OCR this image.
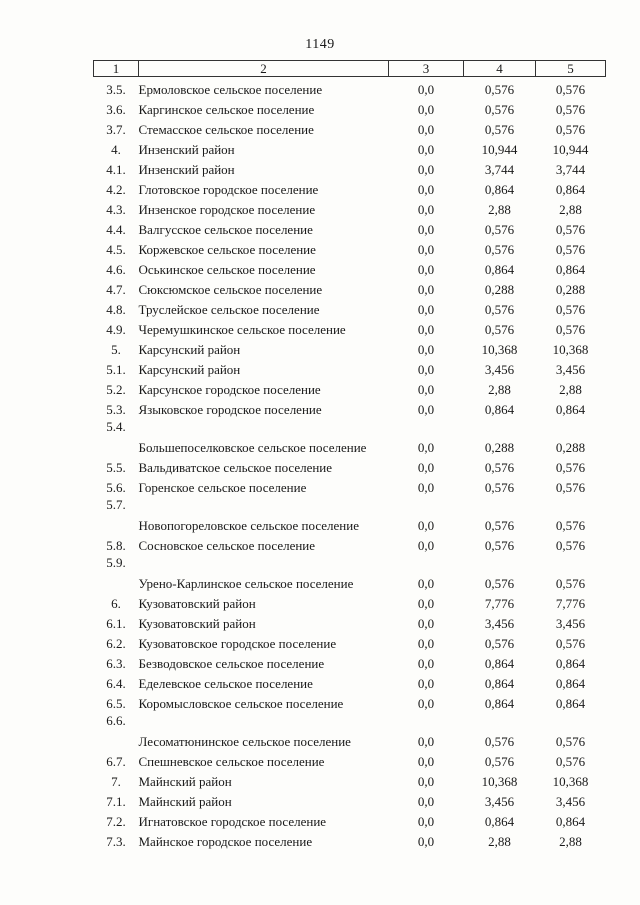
1149
1	2	3	4	5
3.5.	Ермоловское сельское поселение	0,0	0,576	0,576
3.6.	Каргинское сельское поселение	0,0	0,576	0,576
3.7.	Стемасское сельское поселение	0,0	0,576	0,576
4.	Инзенский район	0,0	10,944	10,944
4.1.	Инзенский район	0,0	3,744	3,744
4.2.	Глотовское городское поселение	0,0	0,864	0,864
4.3.	Инзенское городское поселение	0,0	2,88	2,88
4.4.	Валгусское сельское поселение	0,0	0,576	0,576
4.5.	Коржевское сельское поселение	0,0	0,576	0,576
4.6.	Оськинское сельское поселение	0,0	0,864	0,864
4.7.	Сюксюмское сельское поселение	0,0	0,288	0,288
4.8.	Труслейское сельское поселение	0,0	0,576	0,576
4.9.	Черемушкинское сельское поселение	0,0	0,576	0,576
5.	Карсунский район	0,0	10,368	10,368
5.1.	Карсунский район	0,0	3,456	3,456
5.2.	Карсунское городское поселение	0,0	2,88	2,88
5.3.	Языковское городское поселение	0,0	0,864	0,864
5.4.	Большепоселковское сельское поселение	0,0	0,288	0,288
5.5.	Вальдиватское сельское поселение	0,0	0,576	0,576
5.6.	Горенское сельское поселение	0,0	0,576	0,576
5.7.	Новопогореловское сельское поселение	0,0	0,576	0,576
5.8.	Сосновское сельское поселение	0,0	0,576	0,576
5.9.	Урено-Карлинское сельское поселение	0,0	0,576	0,576
6.	Кузоватовский район	0,0	7,776	7,776
6.1.	Кузоватовский район	0,0	3,456	3,456
6.2.	Кузоватовское городское поселение	0,0	0,576	0,576
6.3.	Безводовское сельское поселение	0,0	0,864	0,864
6.4.	Еделевское сельское поселение	0,0	0,864	0,864
6.5.	Коромысловское сельское поселение	0,0	0,864	0,864
6.6.	Лесоматюнинское сельское поселение	0,0	0,576	0,576
6.7.	Спешневское сельское поселение	0,0	0,576	0,576
7.	Майнский район	0,0	10,368	10,368
7.1.	Майнский район	0,0	3,456	3,456
7.2.	Игнатовское городское поселение	0,0	0,864	0,864
7.3.	Майнское городское поселение	0,0	2,88	2,88
